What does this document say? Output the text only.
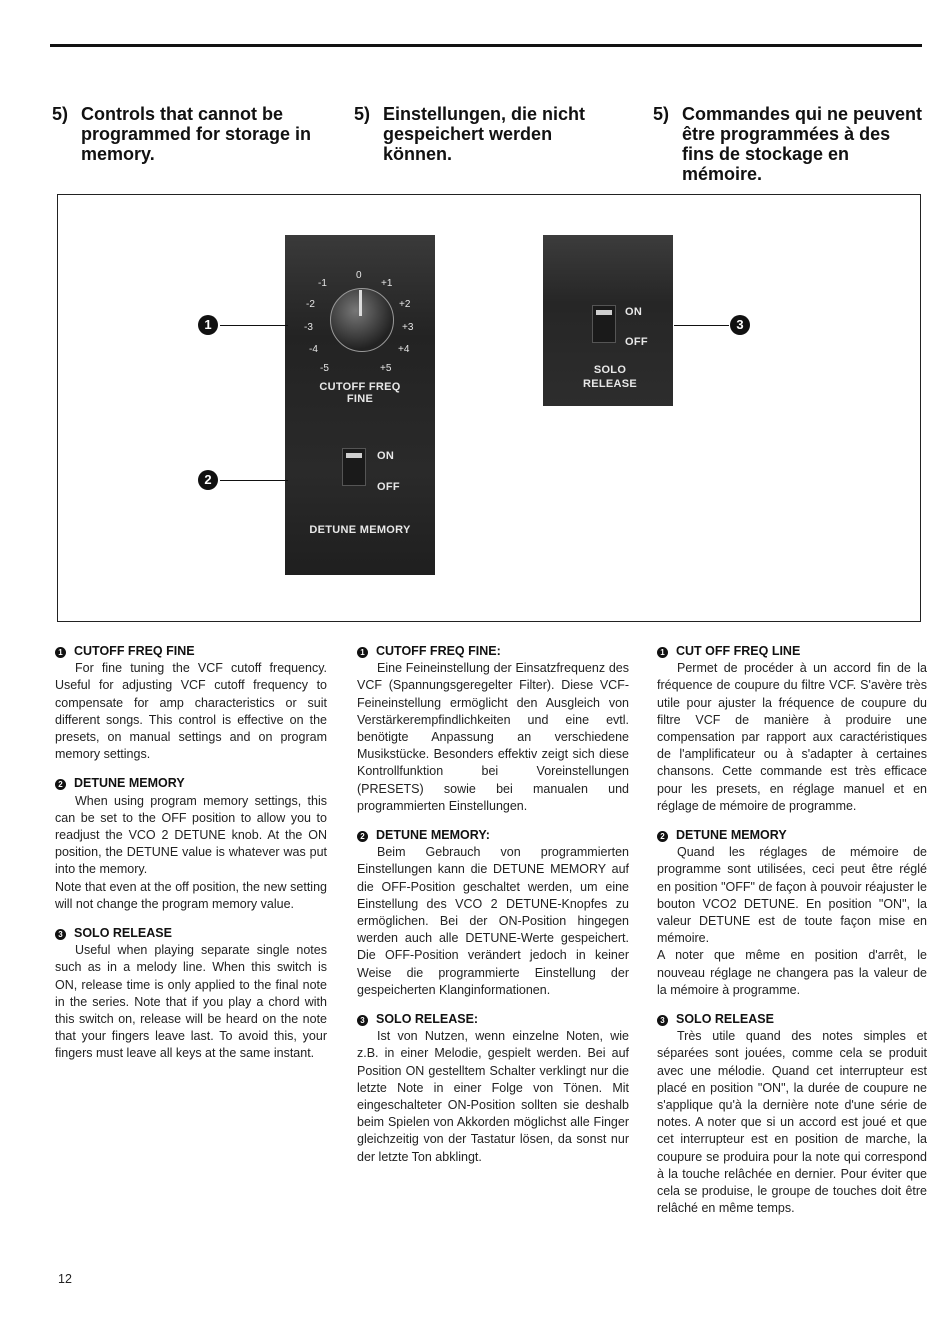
5) Controls that cannot be programmed for storage in memory.
5) Einstellungen, die nicht gespeichert werden können.
5) Commandes qui ne peuvent être programmées à des fins de stockage en mémoire.
-1
0
+1
-2	+2
-3	+3
-4	+4
-5	+5
CUTOFF FREQ
FINE
ON
OFF
DETUNE MEMORY
ON
OFF
SOLO
RELEASE
1
2
3

1 CUTOFF FREQ FINE

For fine tuning the VCF cutoff frequency. Useful for adjusting VCF cutoff frequency to compensate for amp characteristics or suit different songs. This control is effective on the presets, on manual settings and on program memory settings.

2 DETUNE MEMORY

When using program memory settings, this can be set to the OFF position to allow you to readjust the VCO 2 DETUNE knob. At the ON position, the DETUNE value is whatever was put into the memory.

Note that even at the off position, the new setting will not change the program memory value.

3 SOLO RELEASE

Useful when playing separate single notes such as in a melody line. When this switch is ON, release time is only applied to the final note in the series. Note that if you play a chord with this switch on, release will be heard on the note that your fingers leave last. To avoid this, your fingers must leave all keys at the same instant.

1 CUTOFF FREQ FINE:

Eine Feineinstellung der Einsatzfrequenz des VCF (Spannungsgeregelter Filter). Diese VCF-Feineinstellung ermöglicht den Ausgleich von Verstärkerempfindlichkeiten und eine evtl. benötigte Anpassung an verschiedene Musikstücke. Besonders effektiv zeigt sich diese Kontrollfunktion bei Voreinstellungen (PRESETS) sowie bei manualen und programmierten Einstellungen.

2 DETUNE MEMORY:

Beim Gebrauch von programmierten Einstellungen kann die DETUNE MEMORY auf die OFF-Position geschaltet werden, um eine Einstellung des VCO 2 DETUNE-Knopfes zu ermöglichen. Bei der ON-Position hingegen werden auch alle DETUNE-Werte gespeichert. Die OFF-Position verändert jedoch in keiner Weise die programmierte Einstellung der gespeicherten Klanginformationen.

3 SOLO RELEASE:

Ist von Nutzen, wenn einzelne Noten, wie z.B. in einer Melodie, gespielt werden. Bei auf Position ON gestelltem Schalter verklingt nur die letzte Note in einer Folge von Tönen. Mit eingeschalteter ON-Position sollten sie deshalb beim Spielen von Akkorden möglichst alle Finger gleichzeitig von der Tastatur lösen, da sonst nur der letzte Ton abklingt.

1 CUT OFF FREQ LINE

Permet de procéder à un accord fin de la fréquence de coupure du filtre VCF. S'avère très utile pour ajuster la fréquence de coupure du filtre VCF de manière à produire une compensation par rapport aux caractéristiques de l'amplificateur ou à s'adapter à certaines chansons. Cette commande est très efficace pour les presets, en réglage manuel et en réglage de mémoire de programme.

2 DETUNE MEMORY

Quand les réglages de mémoire de programme sont utilisées, ceci peut être réglé en position "OFF" de façon à pouvoir réajuster le bouton VCO2 DETUNE. En position "ON", la valeur DETUNE est de toute façon mise en mémoire.

A noter que même en position d'arrêt, le nouveau réglage ne changera pas la valeur de la mémoire à programme.

3 SOLO RELEASE

Très utile quand des notes simples et séparées sont jouées, comme cela se produit avec une mélodie. Quand cet interrupteur est placé en position "ON", la durée de coupure ne s'applique qu'à la dernière note d'une série de notes. A noter que si un accord est joué et que cet interrupteur est en position de marche, la coupure se produira pour la note qui correspond à la touche relâchée en dernier. Pour éviter que cela se produise, le groupe de touches doit être relâché en même temps.

12
